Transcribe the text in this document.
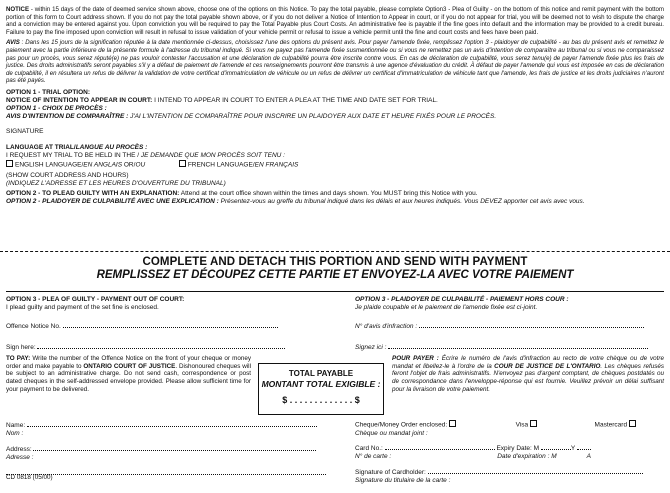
NOTICE - within 15 days of the date of deemed service shown above, choose one of the options on this Notice. To pay the total payable, please complete Option3 - Plea of Guilty - on the bottom of this notice and remit payment with the bottom portion of this form to Court address shown. If you do not pay the total payable shown above, or if you do not deliver a Notice of Intention to Appear in court, or if you do not appear for trial, you will be deemed not to wish to dispute the charge and a conviction may be entered against you. Upon conviction you will be required to pay the Total Payable plus Court Costs. An administrative fee is payable if the fine goes into default and the information may be provided to a credit bureau. Failure to pay the fine imposed upon conviction will result in refusal to issue validation of your vehicle permit or refusal to issue a vehicle permit until the fine and court costs and fees have been paid.

AVIS : Dans les 15 jours de la signification réputée à la date mentionnée ci-dessus, choisissez l'une des options du présent avis. Pour payer l'amende fixée, remplissez l'option 3 - plaidoyer de culpabilité - au bas du présent avis et remettez le paiement avec la partie inférieure de la présente formule à l'adresse du tribunal indiqué. Si vous ne payez pas l'amende fixée susmentionnée ou si vous ne remettez pas un avis d'intention de comparaître au tribunal ou si vous ne comparaissez pas pour un procès, vous serez réputé(e) ne pas vouloir contester l'accusation et une déclaration de culpabilité pourra être inscrite contre vous. En cas de déclaration de culpabilité, vous serez tenu(e) de payer l'amende fixée plus les frais de justice. Des droits administratifs seront payables s'il y a défaut de paiement de l'amende et ces renseignements pourront être transmis à une agence d'évaluation du crédit. À défaut de payer l'amende qui vous est imposée en cas de déclaration de culpabilité, il en résultera un refus de délivrer la validation de votre certificat d'immatriculation de véhicule ou un refus de délivrer un certificat d'immatriculation de véhicule tant que l'amende, les frais de justice et les droits judiciaires n'auront pas été payés.

OPTION 1 - TRIAL OPTION:
NOTICE OF INTENTION TO APPEAR IN COURT: I INTEND TO APPEAR IN COURT TO ENTER A PLEA AT THE TIME AND DATE SET FOR TRIAL.
OPTION 1 - CHOIX DE PROCÈS :
AVIS D'INTENTION DE COMPARAÎTRE : J'AI L'INTENTION DE COMPARAÎTRE POUR INSCRIRE UN PLAIDOYER AUX DATE ET HEURE FIXÉS POUR LE PROCÈS.
SIGNATURE
LANGUAGE AT TRIAL/LANGUE AU PROCÈS :
I REQUEST MY TRIAL TO BE HELD IN THE / JE DEMANDE QUE MON PROCÈS SOIT TENU :
ENGLISH LANGUAGE/EN ANGLAIS OR/OU	FRENCH LANGUAGE/EN FRANÇAIS
(SHOW COURT ADDRESS AND HOURS)
(INDIQUEZ L'ADRESSE ET LES HEURES D'OUVERTURE DU TRIBUNAL)
OPTION 2 - TO PLEAD GUILTY WITH AN EXPLANATION: Attend at the court office shown within the times and days shown. You MUST bring this Notice with you.
OPTION 2 - PLAIDOYER DE CULPABILITÉ AVEC UNE EXPLICATION : Présentez-vous au greffe du tribunal indiqué dans les délais et aux heures indiqués. Vous DEVEZ apporter cet avis avec vous.
COMPLETE AND DETACH THIS PORTION AND SEND WITH PAYMENT
REMPLISSEZ ET DÉCOUPEZ CETTE PARTIE ET ENVOYEZ-LA AVEC VOTRE PAIEMENT
OPTION 3 - PLEA OF GUILTY - PAYMENT OUT OF COURT:
I plead guilty and payment of the set fine is enclosed.
Offence Notice No.
Sign here:
OPTION 3 - PLAIDOYER DE CULPABILITÉ - PAIEMENT HORS COUR :
Je plaide coupable et le paiement de l'amende fixée est ci-joint.
N° d'avis d'infraction :
Signez ici :
TO PAY: Write the number of the Offence Notice on the front of your cheque or money order and make payable to ONTARIO COURT OF JUSTICE. Dishonoured cheques will be subject to an administrative charge. Do not send cash, correspondence or post dated cheques in the self-addressed envelope provided. Please allow sufficient time for your payment to be delivered.
TOTAL PAYABLE
MONTANT TOTAL EXIGIBLE :
$ . . . . . . . . . . . . . $
POUR PAYER : Écrire le numéro de l'avis d'infraction au recto de votre chèque ou de votre mandat et libellez-le à l'ordre de la COUR DE JUSTICE DE L'ONTARIO. Les chèques refusés feront l'objet de frais administratifs. N'envoyez pas d'argent comptant, de chèques postdatés ou de correspondance dans l'enveloppe-réponse qui est fournie. Veuillez prévoir un délai suffisant pour la livraison de votre paiement.
Name:
Nom :
Address:
Adresse :
Cheque/Money Order enclosed:	Visa	Mastercard
Chèque ou mandat joint :
Card No.:	Expiry Date: M	Y
N° de carte :	Date d'expiration : M	A
Signature of Cardholder:
Signature du titulaire de la carte :
CD 0818 (05/00)
